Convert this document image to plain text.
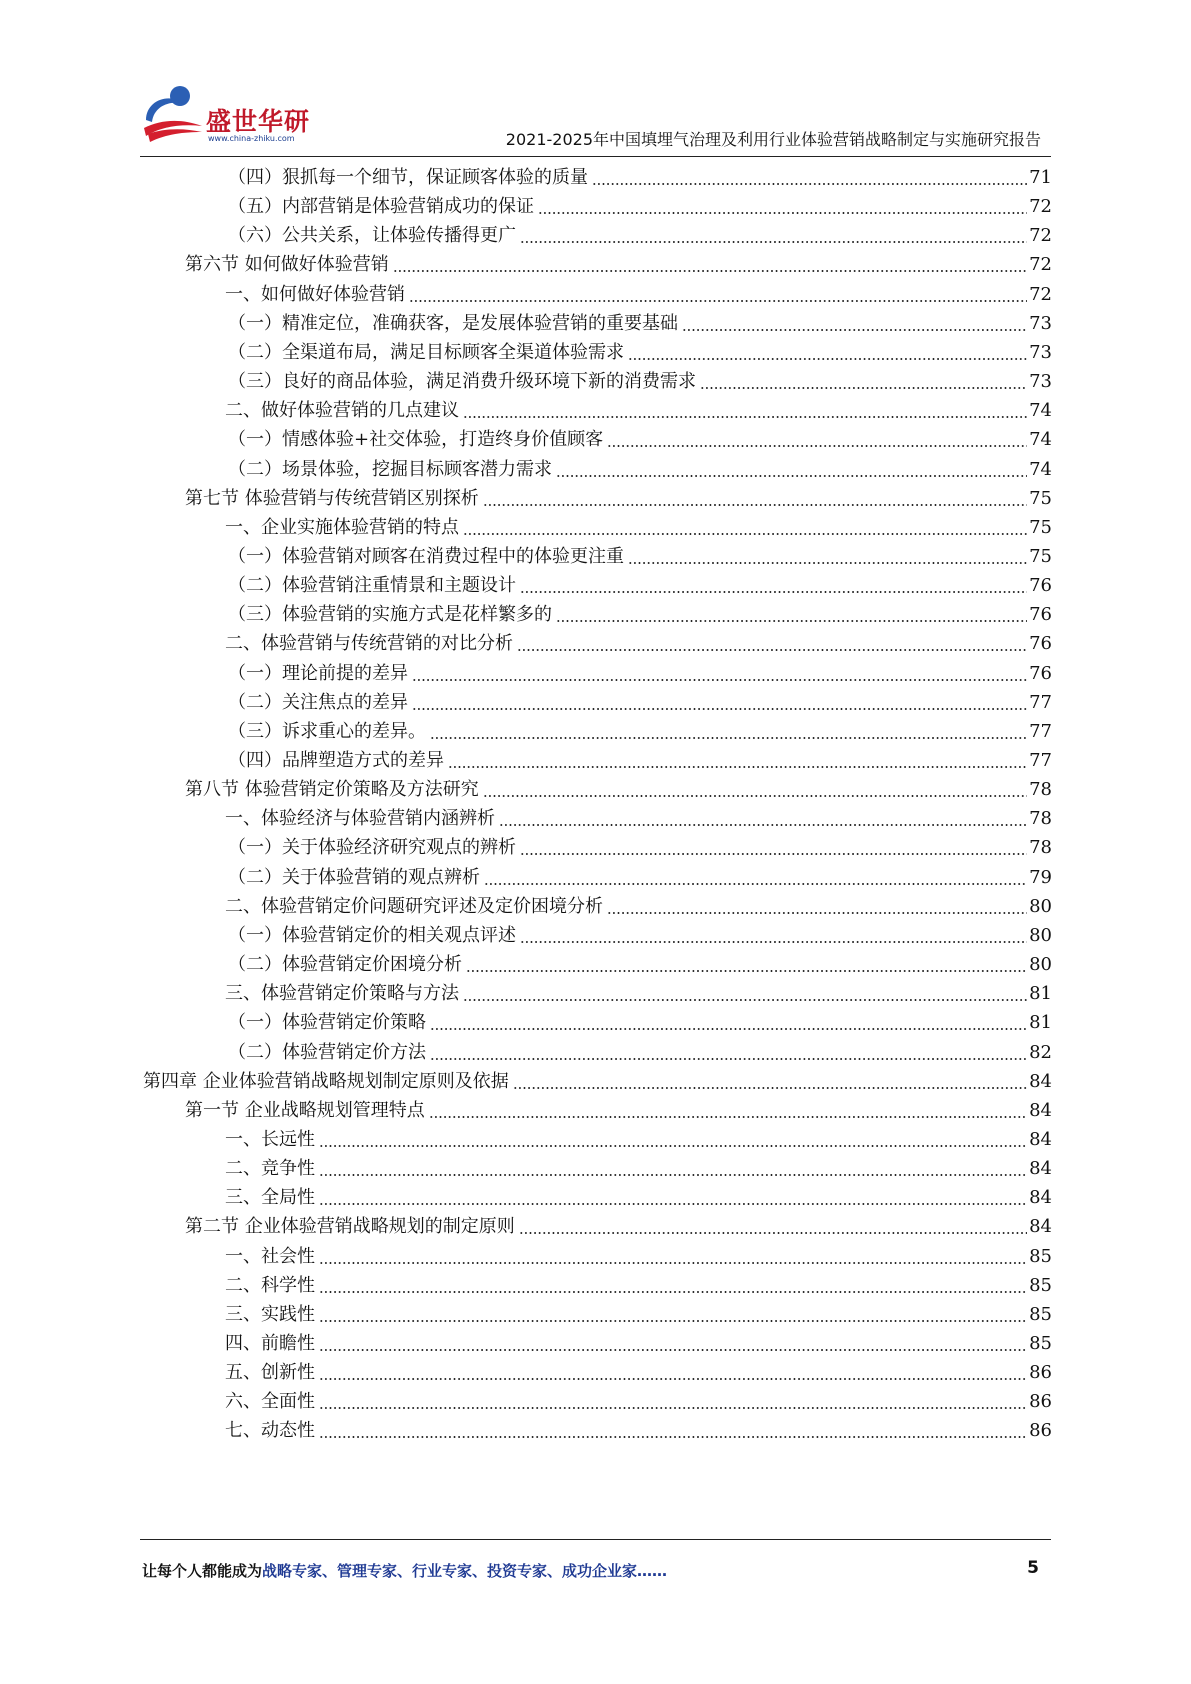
盛世华研
www.china-zhiku.com	2021-2025年中国填埋气治理及利用行业体验营销战略制定与实施研究报告
（四）狠抓每一个细节，保证顾客体验的质量	71
（五）内部营销是体验营销成功的保证	72
（六）公共关系，让体验传播得更广	72
第六节 如何做好体验营销	72
一、如何做好体验营销	72
（一）精准定位，准确获客，是发展体验营销的重要基础	73
（二）全渠道布局，满足目标顾客全渠道体验需求	73
（三）良好的商品体验，满足消费升级环境下新的消费需求	73
二、做好体验营销的几点建议	74
（一）情感体验+社交体验，打造终身价值顾客	74
（二）场景体验，挖掘目标顾客潜力需求	74
第七节 体验营销与传统营销区别探析	75
一、企业实施体验营销的特点	75
（一）体验营销对顾客在消费过程中的体验更注重	75
（二）体验营销注重情景和主题设计	76
（三）体验营销的实施方式是花样繁多的	76
二、体验营销与传统营销的对比分析	76
（一）理论前提的差异	76
（二）关注焦点的差异	77
（三）诉求重心的差异。	77
（四）品牌塑造方式的差异	77
第八节 体验营销定价策略及方法研究	78
一、体验经济与体验营销内涵辨析	78
（一）关于体验经济研究观点的辨析	78
（二）关于体验营销的观点辨析	79
二、体验营销定价问题研究评述及定价困境分析	80
（一）体验营销定价的相关观点评述	80
（二）体验营销定价困境分析	80
三、体验营销定价策略与方法	81
（一）体验营销定价策略	81
（二）体验营销定价方法	82
第四章 企业体验营销战略规划制定原则及依据	84
第一节 企业战略规划管理特点	84
一、长远性	84
二、竞争性	84
三、全局性	84
第二节 企业体验营销战略规划的制定原则	84
一、社会性	85
二、科学性	85
三、实践性	85
四、前瞻性	85
五、创新性	86
六、全面性	86
七、动态性	86
让每个人都能成为战略专家、管理专家、行业专家、投资专家、成功企业家……	5
